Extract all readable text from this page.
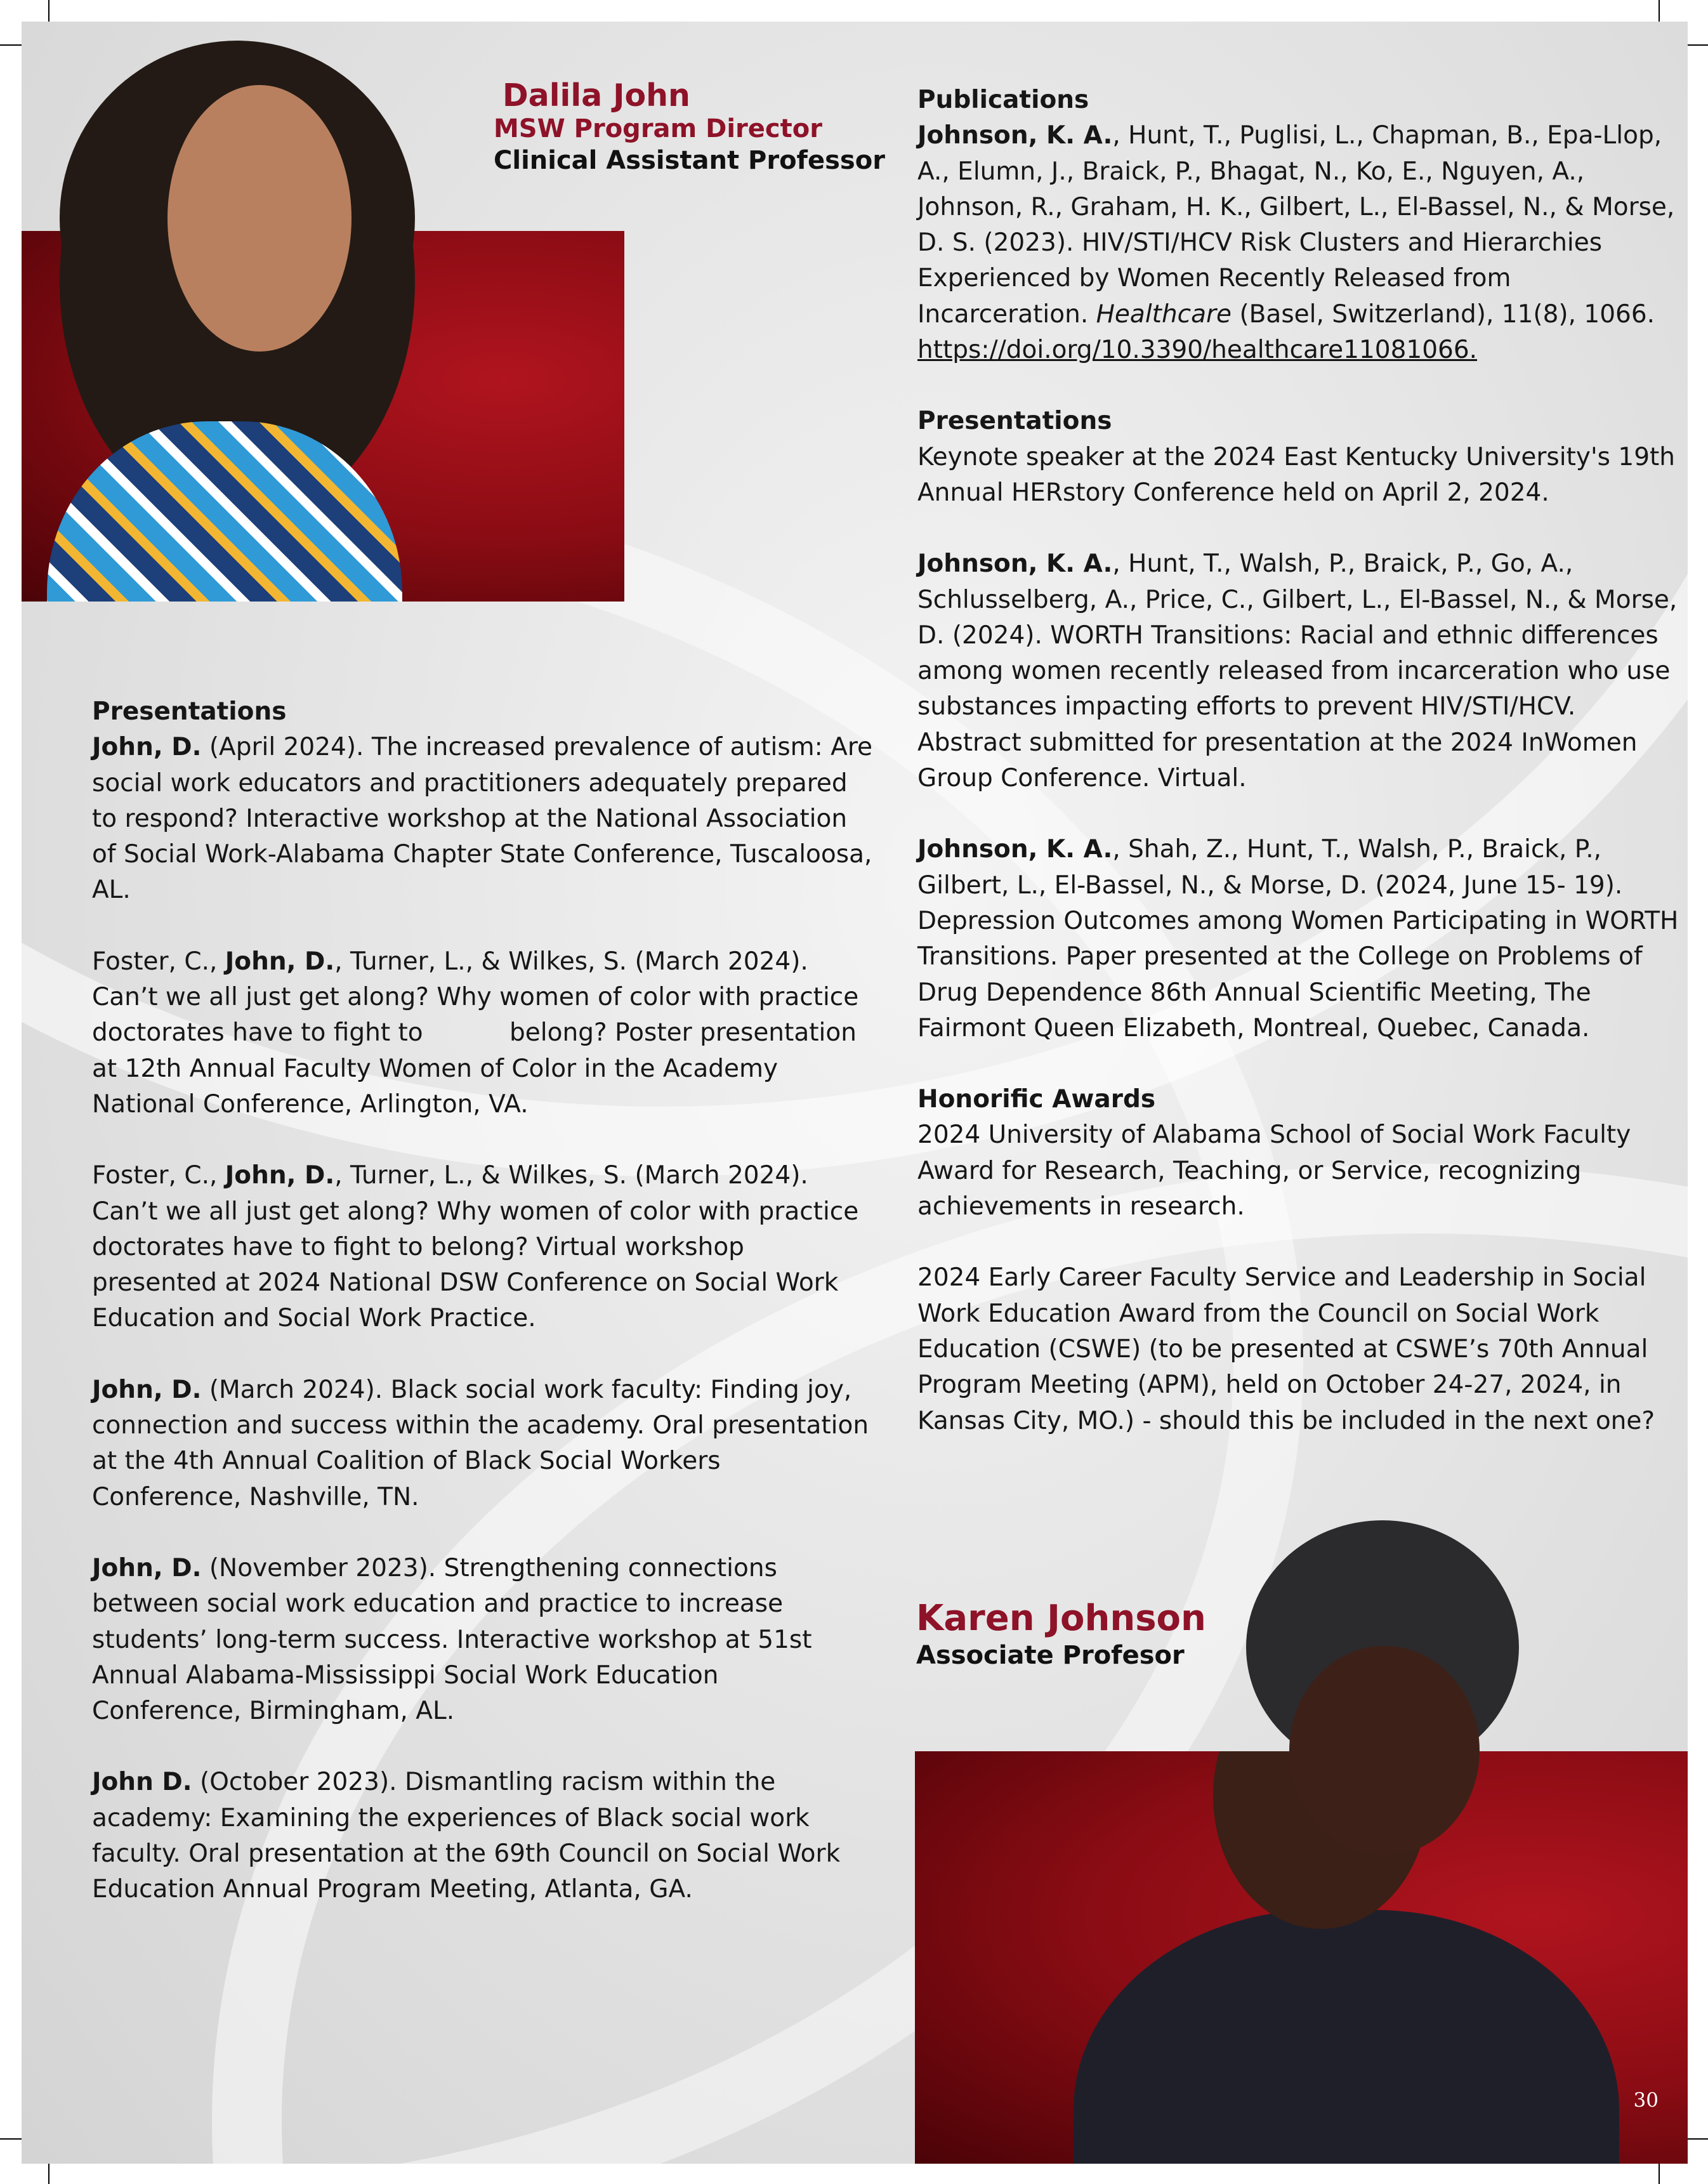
Dalila John
MSW Program Director
Clinical Assistant Professor

Presentations

John, D. (April 2024). The increased prevalence of autism: Are social work educators and practitioners adequately prepared to respond? Interactive workshop at the National Association of Social Work-Alabama Chapter State Conference, Tuscaloosa, AL.

Foster, C., John, D., Turner, L., & Wilkes, S. (March 2024). Can’t we all just get along? Why women of color with practice doctorates have to fight to           belong? Poster presentation at 12th Annual Faculty Women of Color in the Academy National Conference, Arlington, VA.

Foster, C., John, D., Turner, L., & Wilkes, S. (March 2024). Can’t we all just get along? Why women of color with practice doctorates have to fight to belong? Virtual workshop presented at 2024 National DSW Conference on Social Work Education and Social Work Practice.

John, D. (March 2024). Black social work faculty: Finding joy, connection and success within the academy. Oral presentation at the 4th Annual Coalition of Black Social Workers Conference, Nashville, TN.

John, D. (November 2023). Strengthening connections between social work education and practice to increase students’ long-term success. Interactive workshop at 51st Annual Alabama-Mississippi Social Work Education Conference, Birmingham, AL.

John D. (October 2023). Dismantling racism within the academy: Examining the experiences of Black social work faculty. Oral presentation at the 69th Council on Social Work Education Annual Program Meeting, Atlanta, GA.

Publications
Johnson, K. A., Hunt, T., Puglisi, L., Chapman, B., Epa-Llop, A., Elumn, J., Braick, P., Bhagat, N., Ko, E., Nguyen, A., Johnson, R., Graham, H. K., Gilbert, L., El-Bassel, N., & Morse, D. S. (2023). HIV/STI/HCV Risk Clusters and Hierarchies Experienced by Women Recently Released from Incarceration. Healthcare (Basel, Switzerland), 11(8), 1066.
https://doi.org/10.3390/healthcare11081066.

Presentations
Keynote speaker at the 2024 East Kentucky University's 19th Annual HERstory Conference held on April 2, 2024.

Johnson, K. A., Hunt, T., Walsh, P., Braick, P., Go, A., Schlusselberg, A., Price, C., Gilbert, L., El-Bassel, N., & Morse, D. (2024). WORTH Transitions: Racial and ethnic differences among women recently released from incarceration who use substances impacting efforts to prevent HIV/STI/HCV. Abstract submitted for presentation at the 2024 InWomen Group Conference. Virtual.

Johnson, K. A., Shah, Z., Hunt, T., Walsh, P., Braick, P., Gilbert, L., El-Bassel, N., & Morse, D. (2024, June 15- 19). Depression Outcomes among Women Participating in WORTH Transitions. Paper presented at the College on Problems of Drug Dependence 86th Annual Scientific Meeting, The Fairmont Queen Elizabeth, Montreal, Quebec, Canada.

Honorific Awards
2024 University of Alabama School of Social Work Faculty Award for Research, Teaching, or Service, recognizing achievements in research.

2024 Early Career Faculty Service and Leadership in Social Work Education Award from the Council on Social Work Education (CSWE) (to be presented at CSWE’s 70th Annual Program Meeting (APM), held on October 24-27, 2024, in Kansas City, MO.) - should this be included in the next one?

Karen Johnson
Associate Profesor
30
